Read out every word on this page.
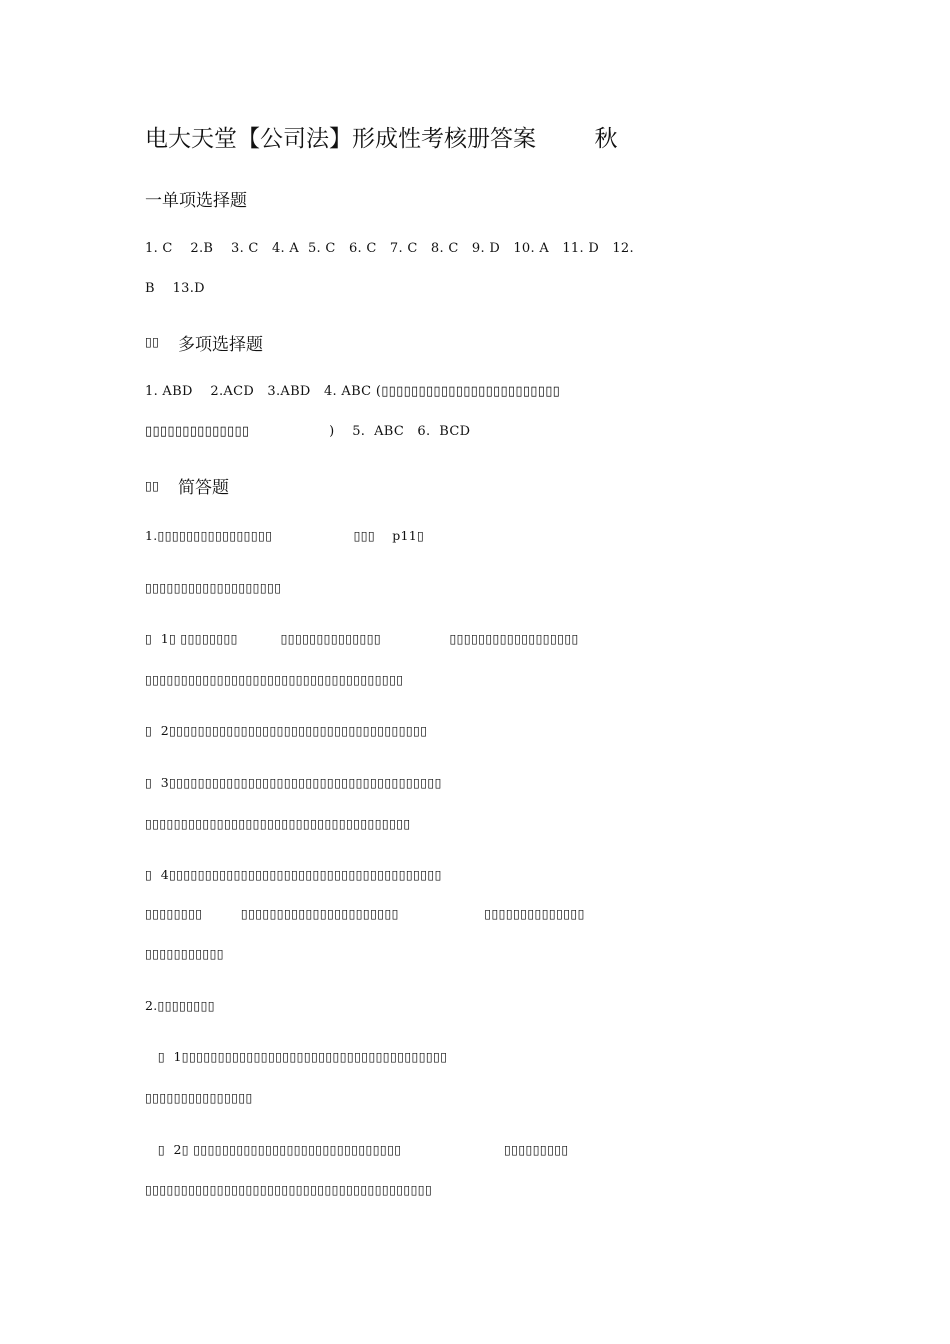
电大天堂【公司法】形成性考核册答案        秋
一单项选择题
1. C    2.B    3. C   4. A  5. C   6. C   7. C   8. C   9. D   10. A   11. D   12.
B    13.D
▯▯ 多项选择题
1. ABD    2.ACD   3.ABD   4. ABC (▯▯▯▯▯▯▯▯▯▯▯▯▯▯▯▯▯▯▯▯▯▯▯▯
▯▯▯▯▯▯▯▯▯▯▯▯▯▯                  )    5.  ABC   6.  BCD
▯▯ 简答题
1.▯▯▯▯▯▯▯▯▯▯▯▯▯▯▯▯                   ▯▯▯    p11▯
▯▯▯▯▯▯▯▯▯▯▯▯▯▯▯▯▯▯▯
▯  1▯ ▯▯▯▯▯▯▯▯          ▯▯▯▯▯▯▯▯▯▯▯▯▯▯                ▯▯▯▯▯▯▯▯▯▯▯▯▯▯▯▯▯▯
▯▯▯▯▯▯▯▯▯▯▯▯▯▯▯▯▯▯▯▯▯▯▯▯▯▯▯▯▯▯▯▯▯▯▯▯
▯  2▯▯▯▯▯▯▯▯▯▯▯▯▯▯▯▯▯▯▯▯▯▯▯▯▯▯▯▯▯▯▯▯▯▯▯▯
▯  3▯▯▯▯▯▯▯▯▯▯▯▯▯▯▯▯▯▯▯▯▯▯▯▯▯▯▯▯▯▯▯▯▯▯▯▯▯▯
▯▯▯▯▯▯▯▯▯▯▯▯▯▯▯▯▯▯▯▯▯▯▯▯▯▯▯▯▯▯▯▯▯▯▯▯▯
▯  4▯▯▯▯▯▯▯▯▯▯▯▯▯▯▯▯▯▯▯▯▯▯▯▯▯▯▯▯▯▯▯▯▯▯▯▯▯▯
▯▯▯▯▯▯▯▯         ▯▯▯▯▯▯▯▯▯▯▯▯▯▯▯▯▯▯▯▯▯▯                    ▯▯▯▯▯▯▯▯▯▯▯▯▯▯
▯▯▯▯▯▯▯▯▯▯▯
2.▯▯▯▯▯▯▯▯
▯  1▯▯▯▯▯▯▯▯▯▯▯▯▯▯▯▯▯▯▯▯▯▯▯▯▯▯▯▯▯▯▯▯▯▯▯▯▯
▯▯▯▯▯▯▯▯▯▯▯▯▯▯▯
▯  2▯ ▯▯▯▯▯▯▯▯▯▯▯▯▯▯▯▯▯▯▯▯▯▯▯▯▯▯▯▯▯                        ▯▯▯▯▯▯▯▯▯
▯▯▯▯▯▯▯▯▯▯▯▯▯▯▯▯▯▯▯▯▯▯▯▯▯▯▯▯▯▯▯▯▯▯▯▯▯▯▯▯
